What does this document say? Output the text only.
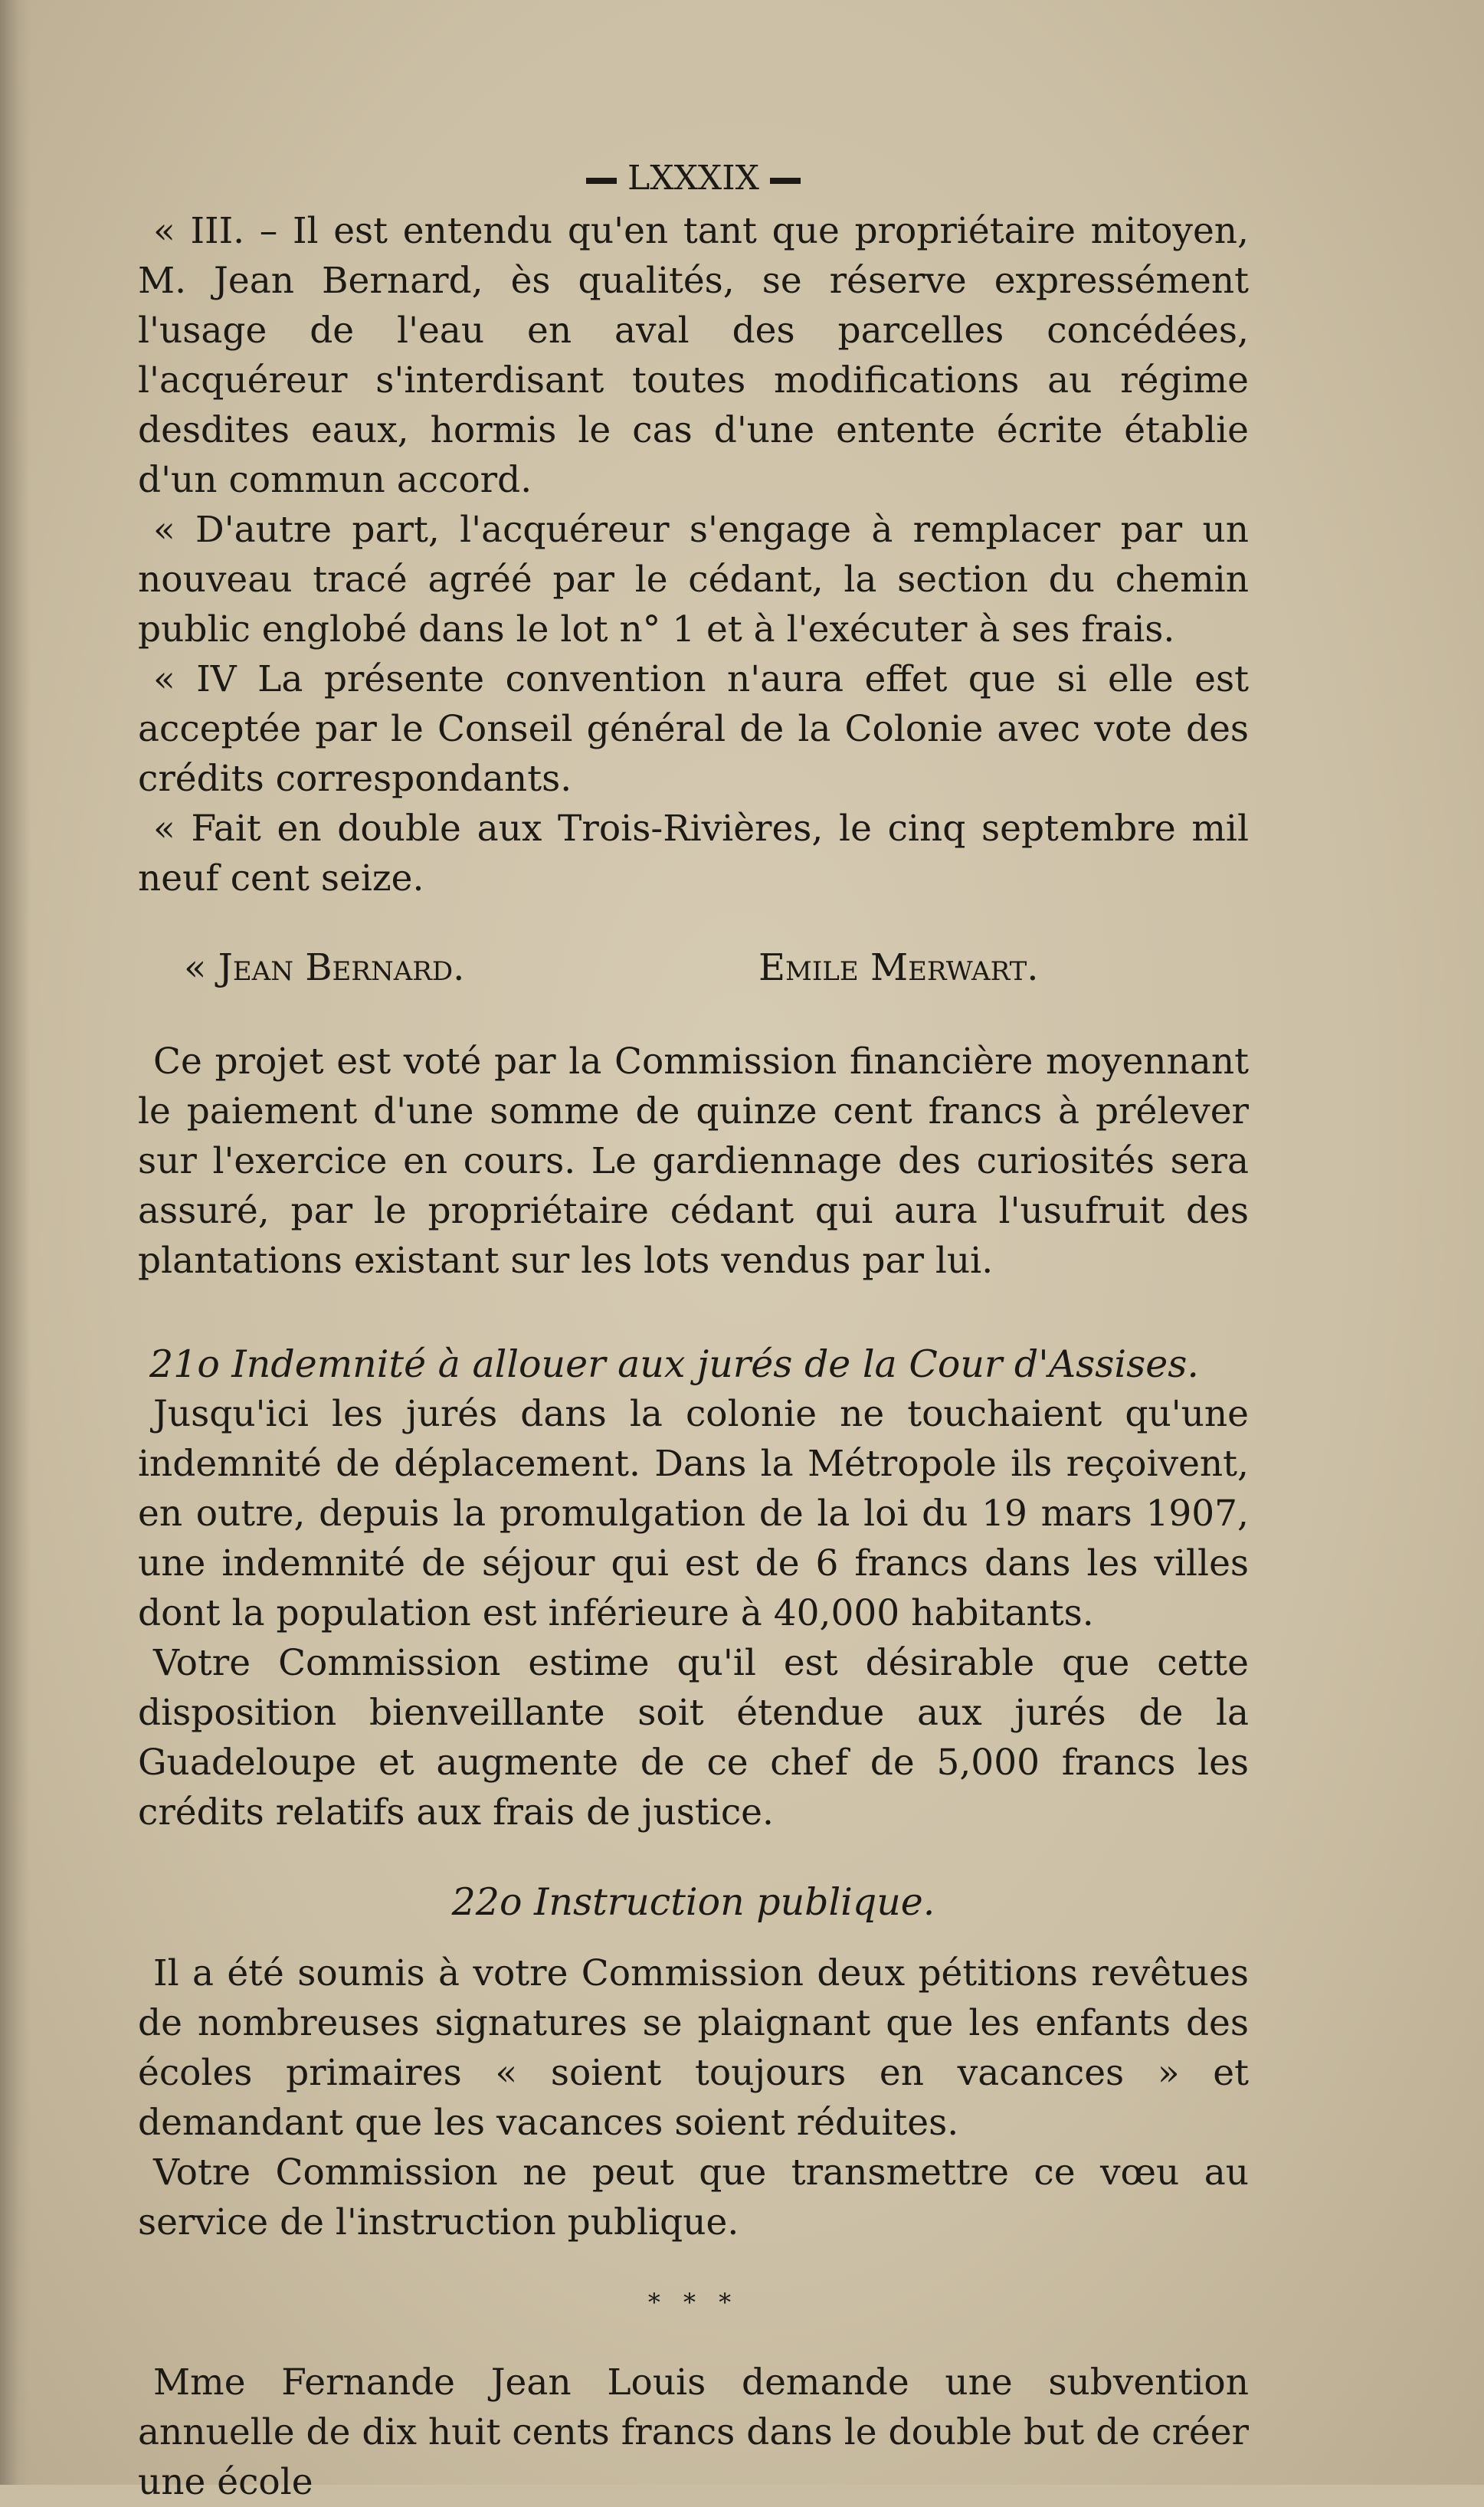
LXXXIX

« III. – Il est entendu qu'en tant que propriétaire mitoyen, M. Jean Bernard, ès qualités, se réserve expressément l'usage de l'eau en aval des parcelles concédées, l'acquéreur s'interdisant toutes modifications au régime desdites eaux, hormis le cas d'une entente écrite établie d'un commun accord.

« D'autre part, l'acquéreur s'engage à remplacer par un nouveau tracé agréé par le cédant, la section du chemin public englobé dans le lot n° 1 et à l'exécuter à ses frais.

« IV La présente convention n'aura effet que si elle est acceptée par le Conseil général de la Colonie avec vote des crédits correspondants.

« Fait en double aux Trois-Rivières, le cinq septembre mil neuf cent seize.

« Jean Bernard.	Emile Merwart.

Ce projet est voté par la Commission financière moyennant le paiement d'une somme de quinze cent francs à prélever sur l'exercice en cours. Le gardiennage des curiosités sera assuré, par le propriétaire cédant qui aura l'usufruit des plantations existant sur les lots vendus par lui.

21o Indemnité à allouer aux jurés de la Cour d'Assises.

Jusqu'ici les jurés dans la colonie ne touchaient qu'une indemnité de déplacement. Dans la Métropole ils reçoivent, en outre, depuis la promulgation de la loi du 19 mars 1907, une indemnité de séjour qui est de 6 francs dans les villes dont la population est inférieure à 40,000 habitants.

Votre Commission estime qu'il est désirable que cette disposition bienveillante soit étendue aux jurés de la Guadeloupe et augmente de ce chef de 5,000 francs les crédits relatifs aux frais de justice.

22o Instruction publique.

Il a été soumis à votre Commission deux pétitions revêtues de nombreuses signatures se plaignant que les enfants des écoles primaires « soient toujours en vacances » et demandant que les vacances soient réduites.

Votre Commission ne peut que transmettre ce vœu au service de l'instruction publique.

* * *

Mme Fernande Jean Louis demande une subvention annuelle de dix huit cents francs dans le double but de créer une école
